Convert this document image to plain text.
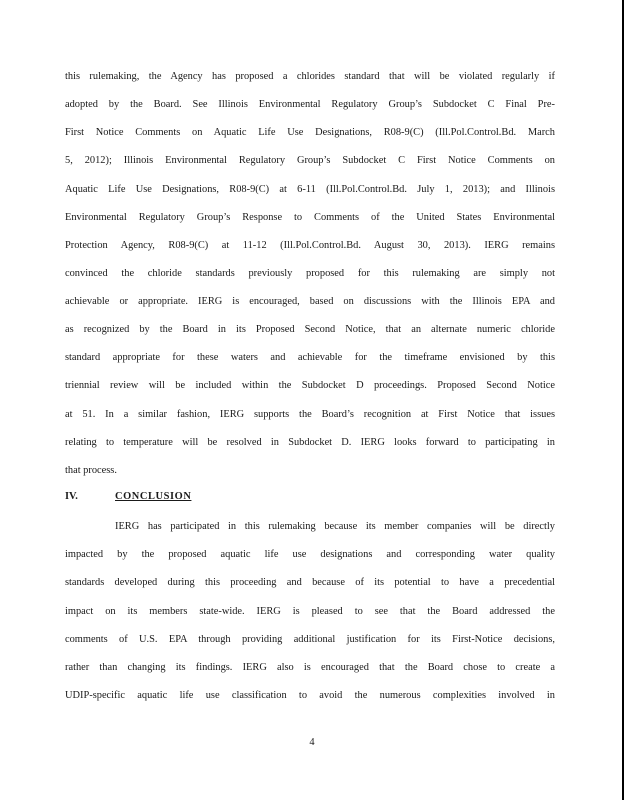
this rulemaking, the Agency has proposed a chlorides standard that will be violated regularly if
adopted by the Board. See Illinois Environmental Regulatory Group’s Subdocket C Final Pre-
First Notice Comments on Aquatic Life Use Designations, R08-9(C) (Ill.Pol.Control.Bd. March
5, 2012); Illinois Environmental Regulatory Group’s Subdocket C First Notice Comments on
Aquatic Life Use Designations, R08-9(C) at 6-11 (Ill.Pol.Control.Bd. July 1, 2013); and Illinois
Environmental Regulatory Group’s Response to Comments of the United States Environmental
Protection Agency, R08-9(C) at 11-12 (Ill.Pol.Control.Bd. August 30, 2013). IERG remains
convinced the chloride standards previously proposed for this rulemaking are simply not
achievable or appropriate. IERG is encouraged, based on discussions with the Illinois EPA and
as recognized by the Board in its Proposed Second Notice, that an alternate numeric chloride
standard appropriate for these waters and achievable for the timeframe envisioned by this
triennial review will be included within the Subdocket D proceedings. Proposed Second Notice
at 51. In a similar fashion, IERG supports the Board’s recognition at First Notice that issues
relating to temperature will be resolved in Subdocket D. IERG looks forward to participating in
that process.
IV.	CONCLUSION
IERG has participated in this rulemaking because its member companies will be directly
impacted by the proposed aquatic life use designations and corresponding water quality
standards developed during this proceeding and because of its potential to have a precedential
impact on its members state-wide. IERG is pleased to see that the Board addressed the
comments of U.S. EPA through providing additional justification for its First-Notice decisions,
rather than changing its findings. IERG also is encouraged that the Board chose to create a
UDIP-specific aquatic life use classification to avoid the numerous complexities involved in
4
